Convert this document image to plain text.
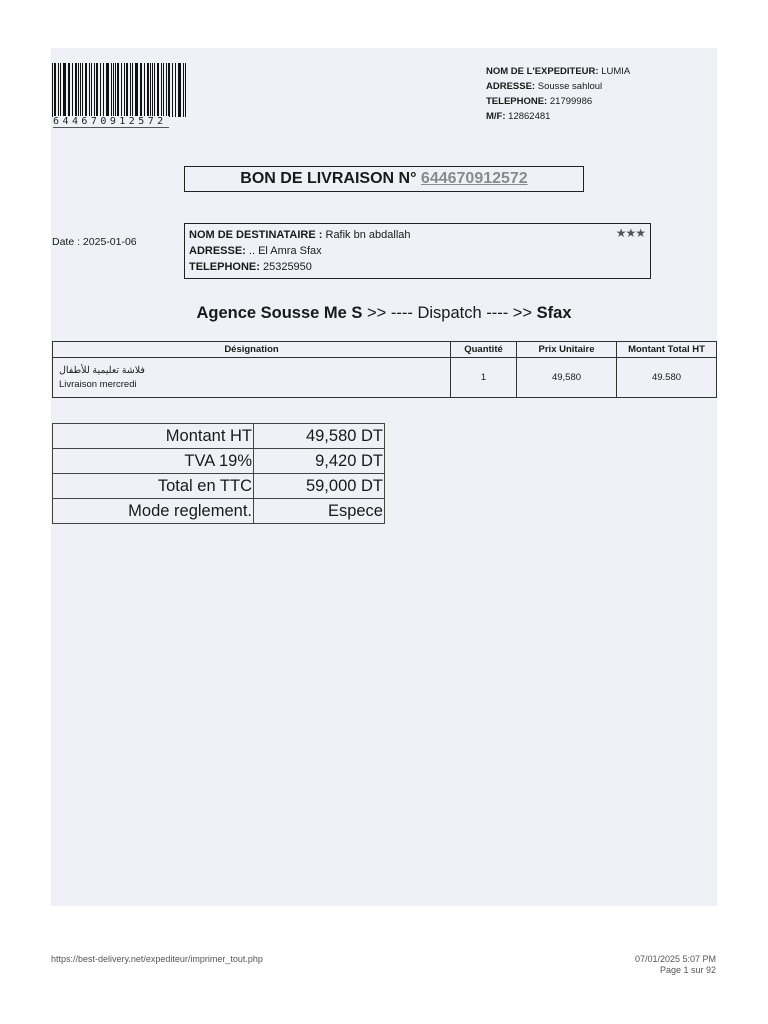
644670912572
NOM DE L'EXPEDITEUR: LUMIA
ADRESSE: Sousse sahloul
TELEPHONE: 21799986
M/F: 12862481
BON DE LIVRAISON N° 644670912572
Date : 2025-01-06
★★★
NOM DE DESTINATAIRE : Rafik bn abdallah
ADRESSE: .. El Amra Sfax
TELEPHONE: 25325950
Agence Sousse Me S >> ---- Dispatch ---- >> Sfax
Désignation	Quantité	Prix Unitaire	Montant Total HT

فلاشة تعليمية للأطفال
Livraison mercredi	1	49,580	49.580
Montant HT	49,580 DT
TVA 19%	9,420 DT
Total en TTC	59,000 DT
Mode reglement.	Espece
https://best-delivery.net/expediteur/imprimer_tout.php	07/01/2025 5:07 PM
Page 1 sur 92
